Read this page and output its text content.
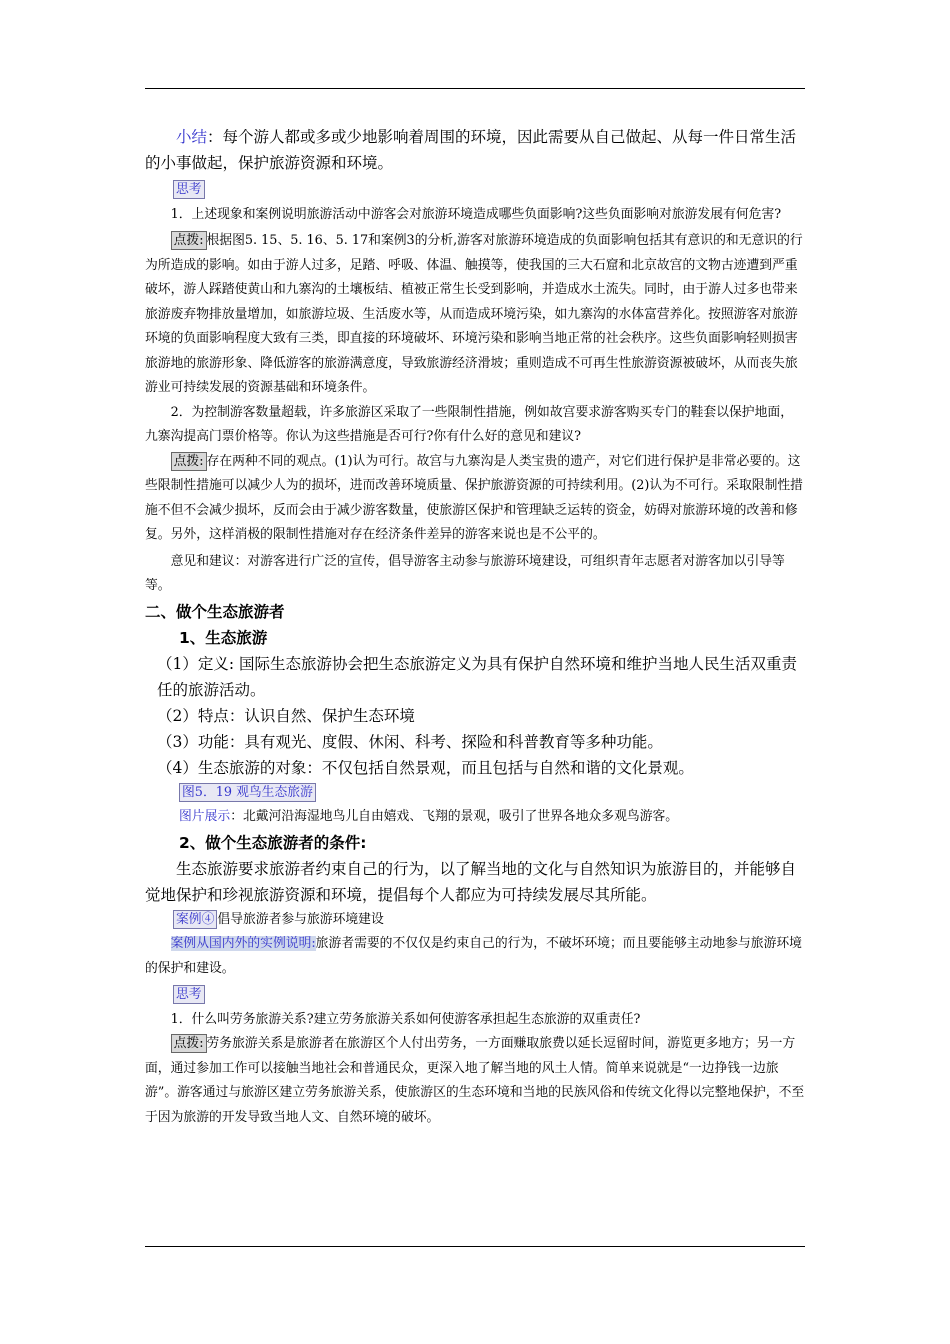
小结：每个游人都或多或少地影响着周围的环境，因此需要从自己做起、从每一件日常生活的小事做起，保护旅游资源和环境。

思考

1．上述现象和案例说明旅游活动中游客会对旅游环境造成哪些负面影响?这些负面影响对旅游发展有何危害?

点拨: 根据图5. 15、5. 16、5. 17和案例3的分析,游客对旅游环境造成的负面影响包括其有意识的和无意识的行为所造成的影响。如由于游人过多，足踏、呼吸、体温、触摸等，使我国的三大石窟和北京故宫的文物古迹遭到严重破坏，游人踩踏使黄山和九寨沟的土壤板结、植被正常生长受到影响，并造成水土流失。同时，由于游人过多也带来旅游废弃物排放量增加，如旅游垃圾、生活废水等，从而造成环境污染，如九寨沟的水体富营养化。按照游客对旅游环境的负面影响程度大致有三类，即直接的环境破坏、环境污染和影响当地正常的社会秩序。这些负面影响轻则损害旅游地的旅游形象、降低游客的旅游满意度，导致旅游经济滑坡；重则造成不可再生性旅游资源被破坏，从而丧失旅游业可持续发展的资源基础和环境条件。

2．为控制游客数量超载，许多旅游区采取了一些限制性措施，例如故宫要求游客购买专门的鞋套以保护地面，九寨沟提高门票价格等。你认为这些措施是否可行?你有什么好的意见和建议?

点拨: 存在两种不同的观点。(1)认为可行。故宫与九寨沟是人类宝贵的遗产，对它们进行保护是非常必要的。这些限制性措施可以减少人为的损坏，进而改善环境质量、保护旅游资源的可持续利用。(2)认为不可行。采取限制性措施不但不会减少损坏，反而会由于减少游客数量，使旅游区保护和管理缺乏运转的资金，妨碍对旅游环境的改善和修复。另外，这样消极的限制性措施对存在经济条件差异的游客来说也是不公平的。

意见和建议：对游客进行广泛的宣传，倡导游客主动参与旅游环境建设，可组织青年志愿者对游客加以引导等等。

二、做个生态旅游者

1、生态旅游

（1）定义: 国际生态旅游协会把生态旅游定义为具有保护自然环境和维护当地人民生活双重责任的旅游活动。

（2）特点：认识自然、保护生态环境

（3）功能：具有观光、度假、休闲、科考、探险和科普教育等多种功能。

（4）生态旅游的对象：不仅包括自然景观，而且包括与自然和谐的文化景观。

图5．19 观鸟生态旅游

图片展示：北戴河沿海湿地鸟儿自由嬉戏、飞翔的景观，吸引了世界各地众多观鸟游客。

2、做个生态旅游者的条件:

生态旅游要求旅游者约束自己的行为，以了解当地的文化与自然知识为旅游目的，并能够自觉地保护和珍视旅游资源和环境，提倡每个人都应为可持续发展尽其所能。

案例④ 倡导旅游者参与旅游环境建设

案例从国内外的实例说明:旅游者需要的不仅仅是约束自己的行为，不破坏环境；而且要能够主动地参与旅游环境的保护和建设。

思考

1．什么叫劳务旅游关系?建立劳务旅游关系如何使游客承担起生态旅游的双重责任?

点拨: 劳务旅游关系是旅游者在旅游区个人付出劳务，一方面赚取旅费以延长逗留时间，游览更多地方；另一方面，通过参加工作可以接触当地社会和普通民众，更深入地了解当地的风土人情。简单来说就是“一边挣钱一边旅游”。游客通过与旅游区建立劳务旅游关系，使旅游区的生态环境和当地的民族风俗和传统文化得以完整地保护，不至于因为旅游的开发导致当地人文、自然环境的破坏。
